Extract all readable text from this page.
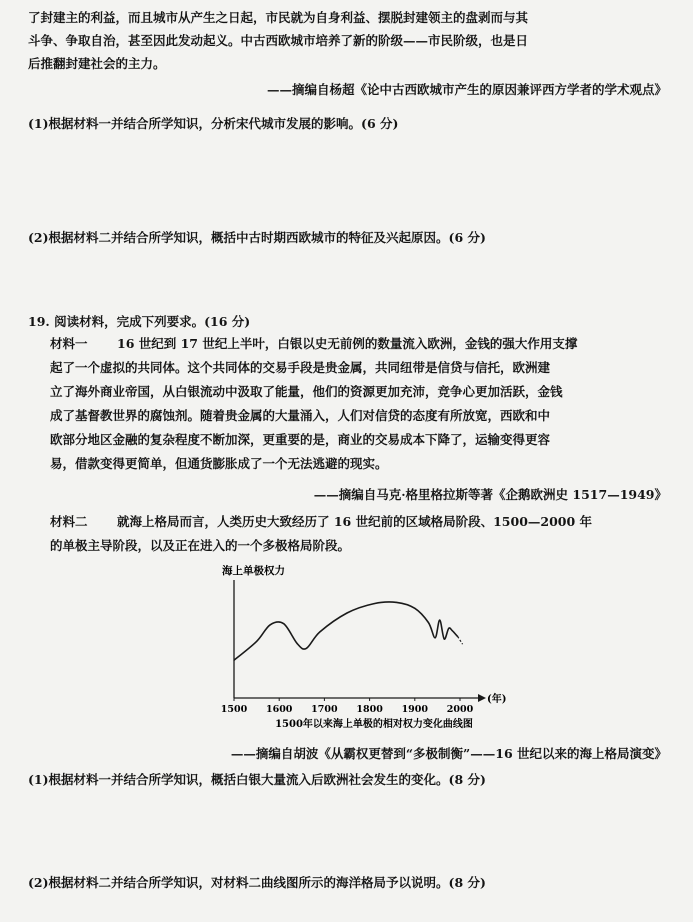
了封建主的利益，而且城市从产生之日起，市民就为自身利益、摆脱封建领主的盘剥而与其
斗争、争取自治，甚至因此发动起义。中古西欧城市培养了新的阶级——市民阶级，也是日
后推翻封建社会的主力。
——摘编自杨超《论中古西欧城市产生的原因兼评西方学者的学术观点》
(1)根据材料一并结合所学知识，分析宋代城市发展的影响。(6 分)
(2)根据材料二并结合所学知识，概括中古时期西欧城市的特征及兴起原因。(6 分)
19. 阅读材料，完成下列要求。(16 分)
材料一 16 世纪到 17 世纪上半叶，白银以史无前例的数量流入欧洲，金钱的强大作用支撑
起了一个虚拟的共同体。这个共同体的交易手段是贵金属，共同纽带是信贷与信托，欧洲建
立了海外商业帝国，从白银流动中汲取了能量，他们的资源更加充沛，竞争心更加活跃，金钱
成了基督教世界的腐蚀剂。随着贵金属的大量涌入，人们对信贷的态度有所放宽，西欧和中
欧部分地区金融的复杂程度不断加深，更重要的是，商业的交易成本下降了，运输变得更容
易，借款变得更简单，但通货膨胀成了一个无法逃避的现实。
——摘编自马克·格里格拉斯等著《企鹅欧洲史 1517—1949》
材料二 就海上格局而言，人类历史大致经历了 16 世纪前的区域格局阶段、1500—2000 年
的单极主导阶段，以及正在进入的一个多极格局阶段。
海上单极权力
(年)
1500 1600 1700 1800 1900 2000
1500年以来海上单极的相对权力变化曲线图
——摘编自胡波《从霸权更替到“多极制衡”——16 世纪以来的海上格局演变》
(1)根据材料一并结合所学知识，概括白银大量流入后欧洲社会发生的变化。(8 分)
(2)根据材料二并结合所学知识，对材料二曲线图所示的海洋格局予以说明。(8 分)
